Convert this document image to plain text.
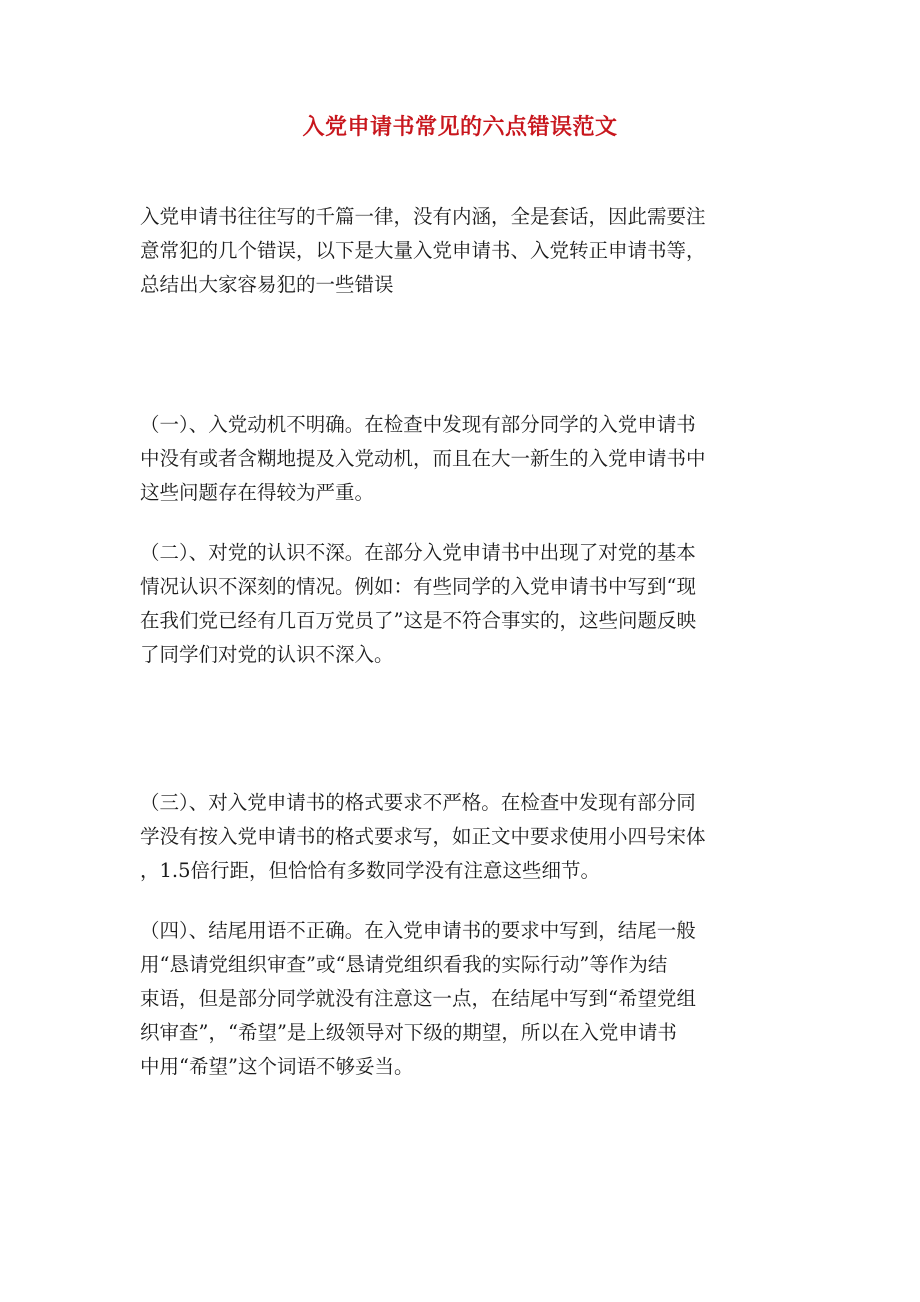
入党申请书常见的六点错误范文
入党申请书往往写的千篇一律，没有内涵，全是套话，因此需要注
意常犯的几个错误，以下是大量入党申请书、入党转正申请书等，
总结出大家容易犯的一些错误
（一）、入党动机不明确。在检查中发现有部分同学的入党申请书
中没有或者含糊地提及入党动机，而且在大一新生的入党申请书中
这些问题存在得较为严重。
（二）、对党的认识不深。在部分入党申请书中出现了对党的基本
情况认识不深刻的情况。例如：有些同学的入党申请书中写到“现
在我们党已经有几百万党员了”这是不符合事实的，这些问题反映
了同学们对党的认识不深入。
（三）、对入党申请书的格式要求不严格。在检查中发现有部分同
学没有按入党申请书的格式要求写，如正文中要求使用小四号宋体
，1.5倍行距，但恰恰有多数同学没有注意这些细节。
（四）、结尾用语不正确。在入党申请书的要求中写到，结尾一般
用“恳请党组织审查”或“恳请党组织看我的实际行动”等作为结
束语，但是部分同学就没有注意这一点，在结尾中写到“希望党组
织审查”，“希望”是上级领导对下级的期望，所以在入党申请书
中用“希望”这个词语不够妥当。
